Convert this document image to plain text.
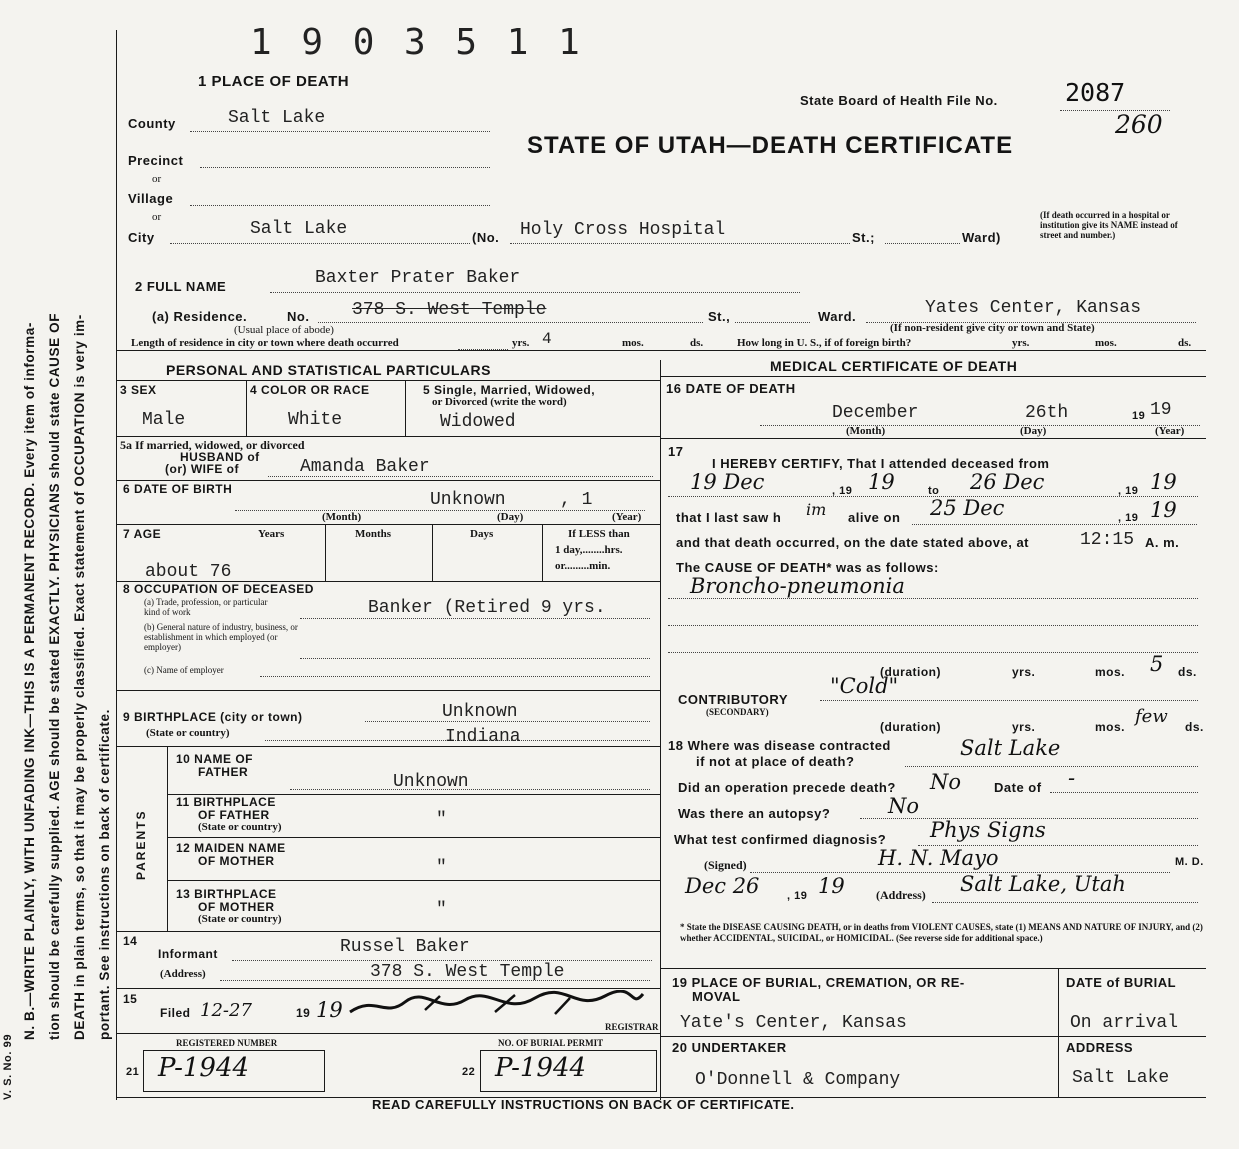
N. B.—WRITE PLAINLY, WITH UNFADING INK—THIS IS A PERMANENT RECORD. Every item of informa- tion should be carefully supplied. AGE should be stated EXACTLY. PHYSICIANS should state CAUSE OF DEATH in plain terms, so that it may be properly classified. Exact statement of OCCUPATION is very im- portant. See instructions on back of certificate.
V. S. No. 99
1 9 0 3 5 1 1
1 PLACE OF DEATH
State Board of Health File No.	2087
260
STATE OF UTAH—DEATH CERTIFICATE
County	Salt Lake
Precinct
or
Village
or
City	Salt Lake	(No. Holy Cross Hospital	St.;	Ward)
(If death occurred in a hospital or institution give its NAME instead of street and number.)
2 FULL NAME	Baxter Prater Baker
(a) Residence.	No. 378 S. West Temple	St.,	Ward.	Yates Center, Kansas
(Usual place of abode)	(If non-resident give city or town and State)
Length of residence in city or town where death occurred	4
yrs.	mos.	ds.	How long in U. S., if of foreign birth?	yrs.	mos.	ds.
PERSONAL AND STATISTICAL PARTICULARS
3 SEX
Male
4 COLOR OR RACE
White
5 Single, Married, Widowed,
or Divorced (write the word)
Widowed
5a If married, widowed, or divorced
HUSBAND of
(or) WIFE of	Amanda Baker
6 DATE OF BIRTH
Unknown	, 1
(Month)	(Day)	(Year)
7 AGE	Years	Months	Days	If LESS than
1 day,........hrs.
or.........min.
about 76
8 OCCUPATION OF DECEASED
(a) Trade, profession, or particular kind of work
(b) General nature of industry, business, or establishment in which employed (or employer)
(c) Name of employer
Banker (Retired 9 yrs.
9 BIRTHPLACE (city or town)
(State or country)
Unknown
Indiana
PARENTS
10 NAME OF
FATHER	Unknown
11 BIRTHPLACE
OF FATHER
(State or country)	"
12 MAIDEN NAME
OF MOTHER	"
13 BIRTHPLACE
OF MOTHER
(State or country)	"
14
Informant	Russel Baker
(Address)	378 S. West Temple
15
Filed 12-27	19 19
REGISTRAR
REGISTERED NUMBER	NO. OF BURIAL PERMIT
21 P-1944	22 P-1944
MEDICAL CERTIFICATE OF DEATH
16 DATE OF DEATH
December	26th	19 19
(Month)	(Day)	(Year)
17
I HEREBY CERTIFY, That I attended deceased from
19 Dec	, 19 19	to 26 Dec	, 19 19
that I last saw h im alive on 25 Dec	, 19 19
and that death occurred, on the date stated above, at	12:15 A. m.
The CAUSE OF DEATH* was as follows:
Broncho-pneumonia
(duration)	yrs.	mos. 5 ds.
CONTRIBUTORY
(SECONDARY)
"Cold"
(duration)	yrs.	mos. few ds.
18 Where was disease contracted
if not at place of death?
Salt Lake
Did an operation precede death? No	Date of -
Was there an autopsy?	No
What test confirmed diagnosis? Phys Signs
(Signed)	H. N. Mayo	M. D.
Dec 26	, 19 19	(Address) Salt Lake, Utah
* State the DISEASE CAUSING DEATH, or in deaths from VIOLENT CAUSES, state (1) MEANS AND NATURE OF INJURY, and (2) whether ACCIDENTAL, SUICIDAL, or HOMICIDAL. (See reverse side for additional space.)
19 PLACE OF BURIAL, CREMATION, OR RE-
MOVAL
Yate's Center, Kansas
DATE of BURIAL
On arrival
20 UNDERTAKER
O'Donnell & Company
ADDRESS
Salt Lake
READ CAREFULLY INSTRUCTIONS ON BACK OF CERTIFICATE.
